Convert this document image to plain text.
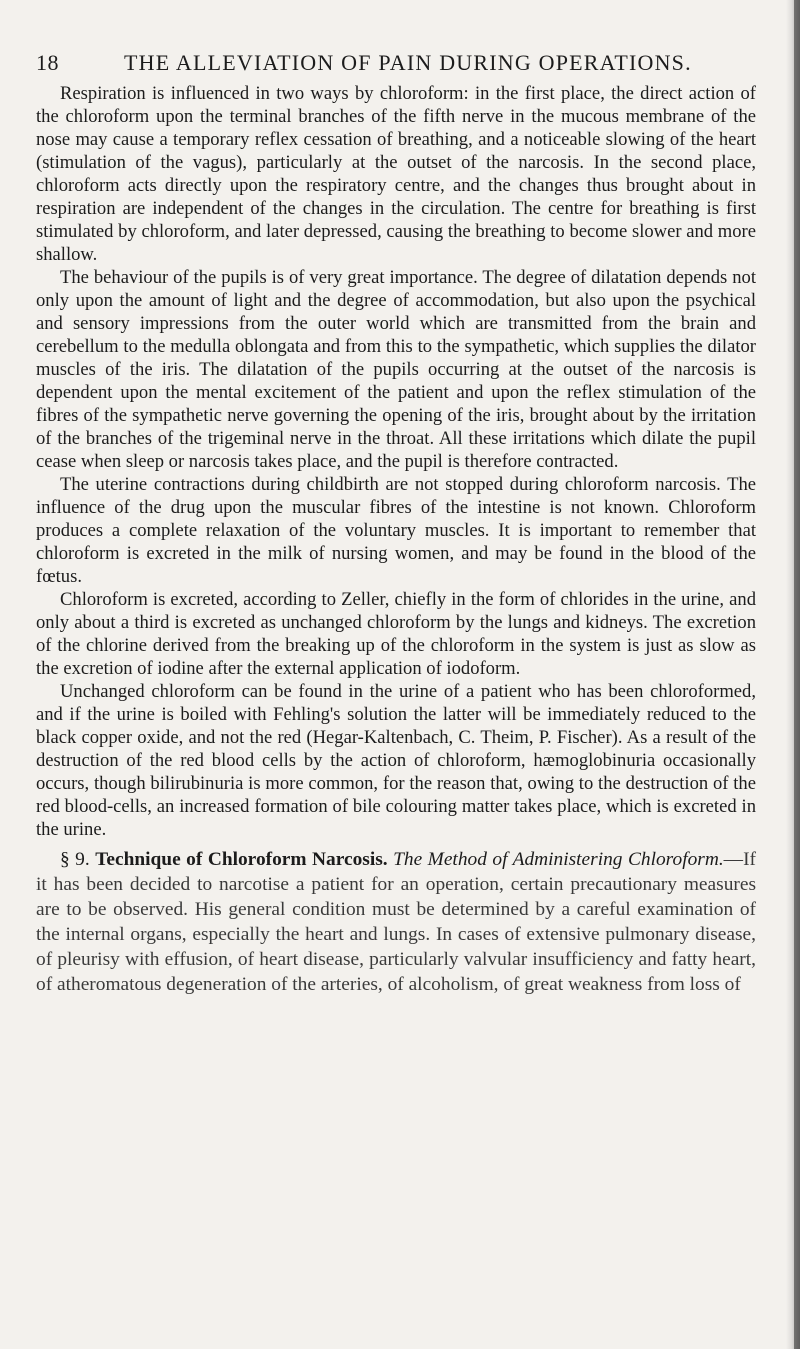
18	THE ALLEVIATION OF PAIN DURING OPERATIONS.

Respiration is influenced in two ways by chloroform: in the first place, the direct action of the chloroform upon the terminal branches of the fifth nerve in the mucous membrane of the nose may cause a temporary reflex cessation of breathing, and a noticeable slowing of the heart (stimulation of the vagus), particularly at the outset of the narcosis. In the second place, chloroform acts directly upon the respiratory centre, and the changes thus brought about in respiration are independent of the changes in the circulation. The centre for breathing is first stimulated by chloroform, and later depressed, causing the breathing to become slower and more shallow.

The behaviour of the pupils is of very great importance. The degree of dilatation depends not only upon the amount of light and the degree of accommodation, but also upon the psychical and sensory impressions from the outer world which are transmitted from the brain and cerebellum to the medulla oblongata and from this to the sympathetic, which supplies the dilator muscles of the iris. The dilatation of the pupils occurring at the outset of the narcosis is dependent upon the mental excitement of the patient and upon the reflex stimulation of the fibres of the sympathetic nerve governing the opening of the iris, brought about by the irritation of the branches of the trigeminal nerve in the throat. All these irritations which dilate the pupil cease when sleep or narcosis takes place, and the pupil is therefore contracted.

The uterine contractions during childbirth are not stopped during chloroform narcosis. The influence of the drug upon the muscular fibres of the intestine is not known. Chloroform produces a complete relaxation of the voluntary muscles. It is important to remember that chloroform is excreted in the milk of nursing women, and may be found in the blood of the fœtus.

Chloroform is excreted, according to Zeller, chiefly in the form of chlorides in the urine, and only about a third is excreted as unchanged chloroform by the lungs and kidneys. The excretion of the chlorine derived from the breaking up of the chloroform in the system is just as slow as the excretion of iodine after the external application of iodoform.

Unchanged chloroform can be found in the urine of a patient who has been chloroformed, and if the urine is boiled with Fehling's solution the latter will be immediately reduced to the black copper oxide, and not the red (Hegar-Kaltenbach, C. Theim, P. Fischer). As a result of the destruction of the red blood cells by the action of chloroform, hæmoglobinuria occasionally occurs, though bilirubinuria is more common, for the reason that, owing to the destruction of the red blood-cells, an increased formation of bile colouring matter takes place, which is excreted in the urine.

§ 9. Technique of Chloroform Narcosis. The Method of Administering Chloroform.—If it has been decided to narcotise a patient for an operation, certain precautionary measures are to be observed. His general condition must be determined by a careful examination of the internal organs, especially the heart and lungs. In cases of extensive pulmonary disease, of pleurisy with effusion, of heart disease, particularly valvular insufficiency and fatty heart, of atheromatous degeneration of the arteries, of alcoholism, of great weakness from loss of
